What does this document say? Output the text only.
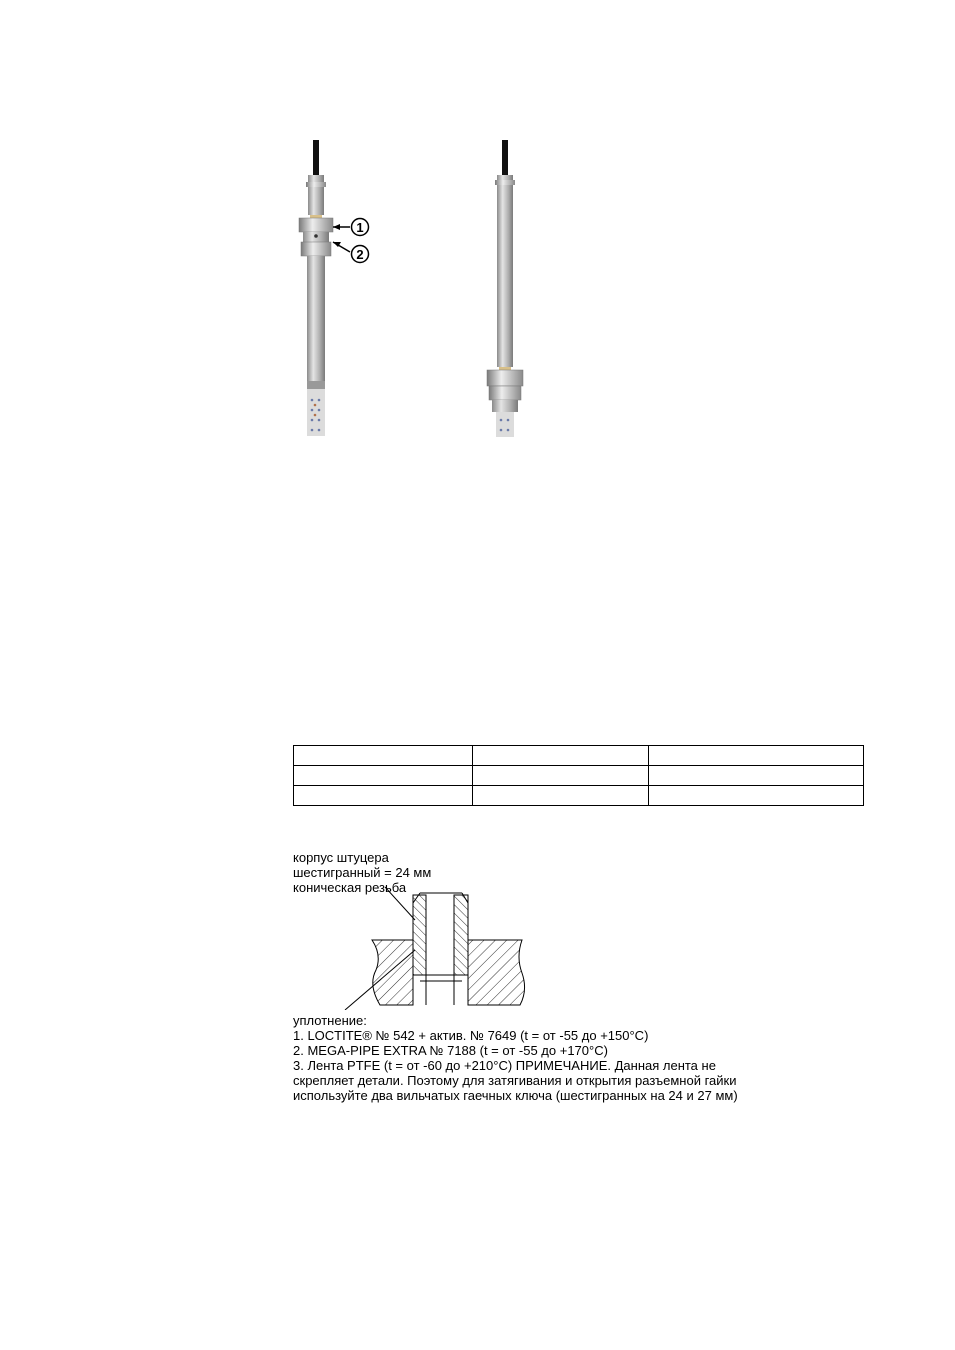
1
2

корпус штуцера
шестигранный = 24 мм
коническая резьба
уплотнение:
1. LOCTITE® № 542 + актив. № 7649 (t = от -55 до +150°C)
2. MEGA-PIPE EXTRA № 7188 (t = от -55 до +170°C)
3. Лента PTFE (t = от -60 до +210°C) ПРИМЕЧАНИЕ. Данная лента не
скрепляет детали. Поэтому для затягивания и открытия разъемной гайки
используйте два вильчатых гаечных ключа (шестигранных на 24 и 27 мм)
